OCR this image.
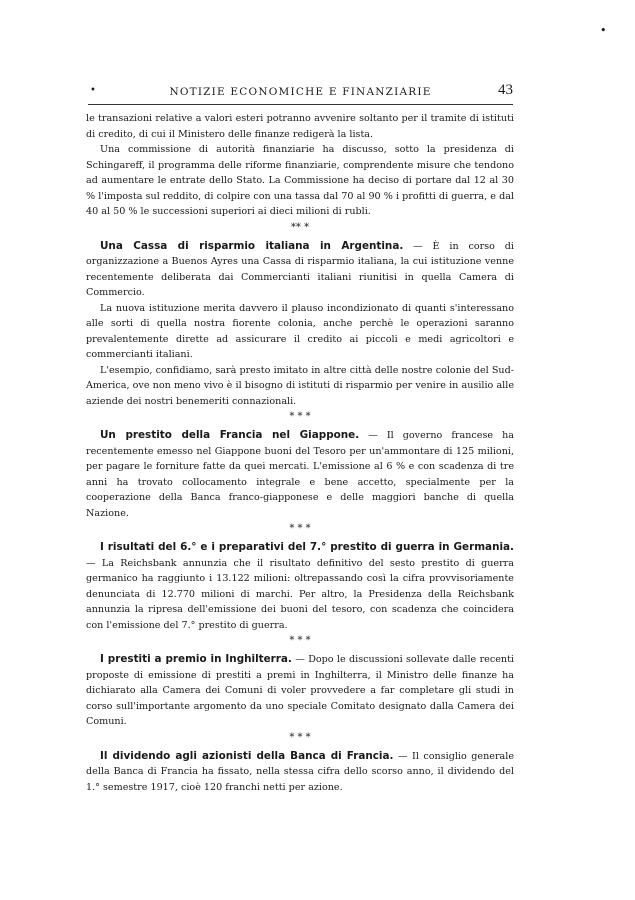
•
•	NOTIZIE ECONOMICHE E FINANZIARIE	43

le transazioni relative a valori esteri potranno avvenire soltanto per il tramite di istituti di credito, di cui il Ministero delle finanze redigerà la lista.

Una commissione di autorità finanziarie ha discusso, sotto la presidenza di Schingareff, il programma delle riforme finanziarie, comprendente misure che tendono ad aumentare le entrate dello Stato. La Commissione ha deciso di portare dal 12 al 30 % l'imposta sul reddito, di colpire con una tassa dal 70 al 90 % i profitti di guerra, e dal 40 al 50 % le successioni superiori ai dieci milioni di rubli.

** *

Una Cassa di risparmio italiana in Argentina. — È in corso di organizzazione a Buenos Ayres una Cassa di risparmio italiana, la cui istituzione venne recentemente deliberata dai Commercianti italiani riunitisi in quella Camera di Commercio.

La nuova istituzione merita davvero il plauso incondizionato di quanti s'interessano alle sorti di quella nostra fiorente colonia, anche perchè le operazioni saranno prevalentemente dirette ad assicurare il credito ai piccoli e medi agricoltori e commercianti italiani.

L'esempio, confidiamo, sarà presto imitato in altre città delle nostre colonie del Sud-America, ove non meno vivo è il bisogno di istituti di risparmio per venire in ausilio alle aziende dei nostri benemeriti connazionali.

* * *

Un prestito della Francia nel Giappone. — Il governo francese ha recentemente emesso nel Giappone buoni del Tesoro per un'ammontare di 125 milioni, per pagare le forniture fatte da quei mercati. L'emissione al 6 % e con scadenza di tre anni ha trovato collocamento integrale e bene accetto, specialmente per la cooperazione della Banca franco-giapponese e delle maggiori banche di quella Nazione.

* * *

I risultati del 6.° e i preparativi del 7.° prestito di guerra in Germania. — La Reichsbank annunzia che il risultato definitivo del sesto prestito di guerra germanico ha raggiunto i 13.122 milioni: oltrepassando così la cifra provvisoriamente denunciata di 12.770 milioni di marchi. Per altro, la Presidenza della Reichsbank annunzia la ripresa dell'emissione dei buoni del tesoro, con scadenza che coincidera con l'emissione del 7.° prestito di guerra.

* * *

I prestiti a premio in Inghilterra. — Dopo le discussioni sollevate dalle recenti proposte di emissione di prestiti a premi in Inghilterra, il Ministro delle finanze ha dichiarato alla Camera dei Comuni di voler provvedere a far completare gli studi in corso sull'importante argomento da uno speciale Comitato designato dalla Camera dei Comuni.

* * *

Il dividendo agli azionisti della Banca di Francia. — Il consiglio generale della Banca di Francia ha fissato, nella stessa cifra dello scorso anno, il dividendo del 1.° semestre 1917, cioè 120 franchi netti per azione.
